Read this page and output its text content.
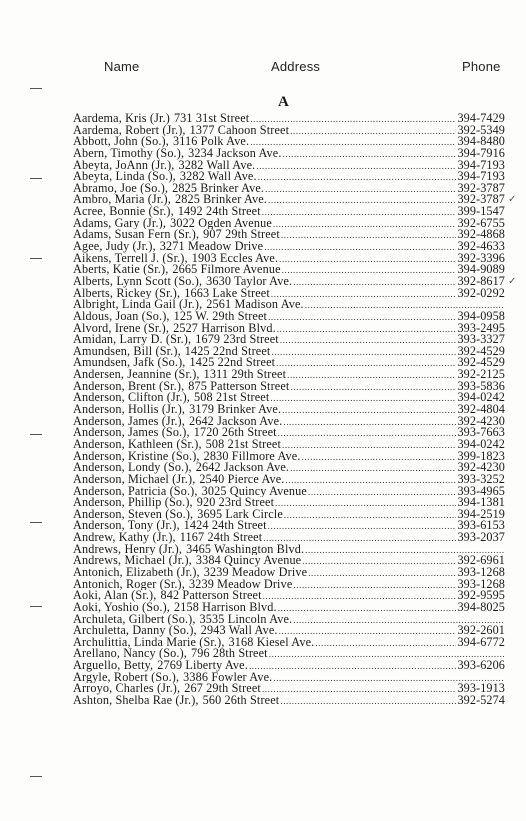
Name	Address	Phone
A
✓
✓
Aardema, Kris (Jr.) 731 31st Street .....	394-7429
Aardema, Robert (Jr.), 1377 Cahoon Street .....	392-5349
Abbott, John (So.), 3116 Polk Ave. .....	394-8480
Abern, Timothy (So.), 3234 Jackson Ave. .....	394-7916
Abeyta, JoAnn (Jr.), 3282 Wall Ave. .....	394-7193
Abeyta, Linda (So.), 3282 Wall Ave. .....	394-7193
Abramo, Joe (So.), 2825 Brinker Ave. .....	392-3787
Ambro, Maria (Jr.), 2825 Brinker Ave. .....	392-3787
Acree, Bonnie (Sr.), 1492 24th Street .....	399-1547
Adams, Gary (Jr.), 3022 Ogden Avenue .....	392-6755
Adams, Susan Fern (Sr.), 907 29th Street .....	392-4868
Agee, Judy (Jr.), 3271 Meadow Drive .....	392-4633
Aikens, Terrell J. (Sr.), 1903 Eccles Ave. .....	392-3396
Aberts, Katie (Sr.), 2665 Filmore Avenue .....	394-9089
Alberts, Lynn Scott (So.), 3630 Taylor Ave. .....	392-8617
Alberts, Rickey (Sr.), 1663 Lake Street .....	392-0292
Albright, Linda Gail (Jr.), 2561 Madison Ave.
.....
Aldous, Joan (So.), 125 W. 29th Street .....	394-0958
Alvord, Irene (Sr.), 2527 Harrison Blvd. .....	393-2495
Amidan, Larry D. (Sr.), 1679 23rd Street .....	393-3327
Amundsen, Bill (Sr.), 1425 22nd Street .....	392-4529
Amundsen, Jafk (So.), 1425 22nd Street .....	392-4529
Andersen, Jeannine (Sr.), 1311 29th Street .....	392-2125
Anderson, Brent (Sr.), 875 Patterson Street .....	393-5836
Anderson, Clifton (Jr.), 508 21st Street .....	394-0242
Anderson, Hollis (Jr.), 3179 Brinker Ave. .....	392-4804
Anderson, James (Jr.), 2642 Jackson Ave. .....	392-4230
Anderson, James (So.), 1720 26th Street .....	393-7663
Anderson, Kathleen (Sr.), 508 21st Street .....	394-0242
Anderson, Kristine (So.), 2830 Fillmore Ave. .....	399-1823
Anderson, Londy (So.), 2642 Jackson Ave. .....	392-4230
Anderson, Michael (Jr.), 2540 Pierce Ave. .....	393-3252
Anderson, Patricia (So.), 3025 Quincy Avenue .....	393-4965
Anderson, Phillip (So.), 920 23rd Street .....	394-1381
Anderson, Steven (So.), 3695 Lark Circle .....	394-2519
Anderson, Tony (Jr.), 1424 24th Street .....	393-6153
Andrew, Kathy (Jr.), 1167 24th Street .....	393-2037
Andrews, Henry (Jr.), 3465 Washington Blvd.
.....
Andrews, Michael (Jr.), 3384 Quincy Avenue .....	392-6961
Antonich, Elizabeth (Jr.), 3239 Meadow Drive .....	393-1268
Antonich, Roger (Sr.), 3239 Meadow Drive .....	393-1268
Aoki, Alan (Sr.), 842 Patterson Street .....	392-9595
Aoki, Yoshio (So.), 2158 Harrison Blvd. .....	394-8025
Archuleta, Gilbert (So.), 3535 Lincoln Ave.
.....
Archuletta, Danny (So.), 2943 Wall Ave. .....	392-2601
Archulittia, Linda Marie (Sr.), 3168 Kiesel Ave. .....	394-6772
Arellano, Nancy (So.), 796 28th Street
.....
Arguello, Betty, 2769 Liberty Ave. .....	393-6206
Argyle, Robert (So.), 3386 Fowler Ave.
.....
Arroyo, Charles (Jr.), 267 29th Street .....	393-1913
Ashton, Shelba Rae (Jr.), 560 26th Street .....	392-5274
